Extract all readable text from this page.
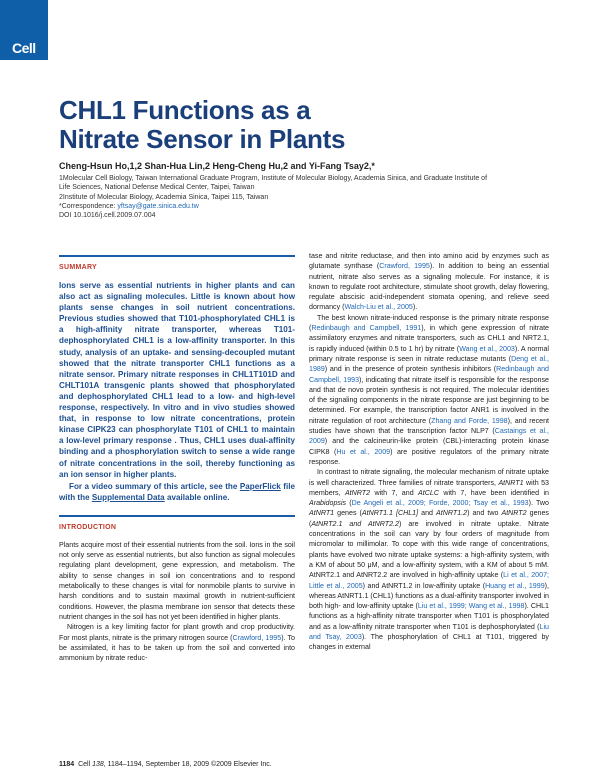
Cell
CHL1 Functions as a
Nitrate Sensor in Plants
Cheng-Hsun Ho,1,2 Shan-Hua Lin,2 Heng-Cheng Hu,2 and Yi-Fang Tsay2,*
1Molecular Cell Biology, Taiwan International Graduate Program, Institute of Molecular Biology, Academia Sinica, and Graduate Institute of
Life Sciences, National Defense Medical Center, Taipei, Taiwan
2Institute of Molecular Biology, Academia Sinica, Taipei 115, Taiwan
*Correspondence: yftsay@gate.sinica.edu.tw
DOI 10.1016/j.cell.2009.07.004
SUMMARY

Ions serve as essential nutrients in higher plants and can also act as signaling molecules. Little is known about how plants sense changes in soil nutrient concentrations. Previous studies showed that T101-phosphorylated CHL1 is a high-affinity nitrate transporter, whereas T101-dephosphorylated CHL1 is a low-affinity transporter. In this study, analysis of an uptake- and sensing-decoupled mutant showed that the nitrate transporter CHL1 functions as a nitrate sensor. Primary nitrate responses in CHL1T101D and CHLT101A transgenic plants showed that phosphorylated and dephosphorylated CHL1 lead to a low- and high-level response, respectively. In vitro and in vivo studies showed that, in response to low nitrate concentrations, protein kinase CIPK23 can phosphorylate T101 of CHL1 to maintain a low-level primary response . Thus, CHL1 uses dual-affinity binding and a phosphorylation switch to sense a wide range of nitrate concentrations in the soil, thereby functioning as an ion sensor in higher plants.

For a video summary of this article, see the PaperFlick file with the Supplemental Data available online.

INTRODUCTION

Plants acquire most of their essential nutrients from the soil. Ions in the soil not only serve as essential nutrients, but also function as signal molecules regulating plant development, gene expression, and metabolism. The ability to sense changes in soil ion concentrations and to respond metabolically to these changes is vital for nonmobile plants to survive in harsh conditions and to sustain maximal growth in nutrient-sufficient conditions. However, the plasma membrane ion sensor that detects these nutrient changes in the soil has not yet been identified in higher plants.

Nitrogen is a key limiting factor for plant growth and crop productivity. For most plants, nitrate is the primary nitrogen source (Crawford, 1995). To be assimilated, it has to be taken up from the soil and converted into ammonium by nitrate reduc-

tase and nitrite reductase, and then into amino acid by enzymes such as glutamate synthase (Crawford, 1995). In addition to being an essential nutrient, nitrate also serves as a signaling molecule. For instance, it is known to regulate root architecture, stimulate shoot growth, delay flowering, regulate abscisic acid-independent stomata opening, and relieve seed dormancy (Walch-Liu et al., 2005).

The best known nitrate-induced response is the primary nitrate response (Redinbaugh and Campbell, 1991), in which gene expression of nitrate assimilatory enzymes and nitrate transporters, such as CHL1 and NRT2.1, is rapidly induced (within 0.5 to 1 hr) by nitrate (Wang et al., 2003). A normal primary nitrate response is seen in nitrate reductase mutants (Deng et al., 1989) and in the presence of protein synthesis inhibitors (Redinbaugh and Campbell, 1993), indicating that nitrate itself is responsible for the response and that de novo protein synthesis is not required. The molecular identities of the signaling components in the nitrate response are just beginning to be determined. For example, the transcription factor ANR1 is involved in the nitrate regulation of root architecture (Zhang and Forde, 1998), and recent studies have shown that the transcription factor NLP7 (Castaings et al., 2009) and the calcineurin-like protein (CBL)-interacting protein kinase CIPK8 (Hu et al., 2009) are positive regulators of the primary nitrate response.

In contrast to nitrate signaling, the molecular mechanism of nitrate uptake is well characterized. Three families of nitrate transporters, AtNRT1 with 53 members, AtNRT2 with 7, and AtCLC with 7, have been identified in Arabidopsis (De Angeli et al., 2009; Forde, 2000; Tsay et al., 1993). Two AtNRT1 genes (AtNRT1.1 [CHL1] and AtNRT1.2) and two AtNRT2 genes (AtNRT2.1 and AtNRT2.2) are involved in nitrate uptake. Nitrate concentrations in the soil can vary by four orders of magnitude from micromolar to millimolar. To cope with this wide range of concentrations, plants have evolved two nitrate uptake systems: a high-affinity system, with a KM of about 50 μM, and a low-affinity system, with a KM of about 5 mM. AtNRT2.1 and AtNRT2.2 are involved in high-affinity uptake (Li et al., 2007; Little et al., 2005) and AtNRT1.2 in low-affinity uptake (Huang et al., 1999), whereas AtNRT1.1 (CHL1) functions as a dual-affinity transporter involved in both high- and low-affinity uptake (Liu et al., 1999; Wang et al., 1998). CHL1 functions as a high-affinity nitrate transporter when T101 is phosphorylated and as a low-affinity nitrate transporter when T101 is dephosphorylated (Liu and Tsay, 2003). The phosphorylation of CHL1 at T101, triggered by changes in external

1184 Cell 138, 1184–1194, September 18, 2009 ©2009 Elsevier Inc.
